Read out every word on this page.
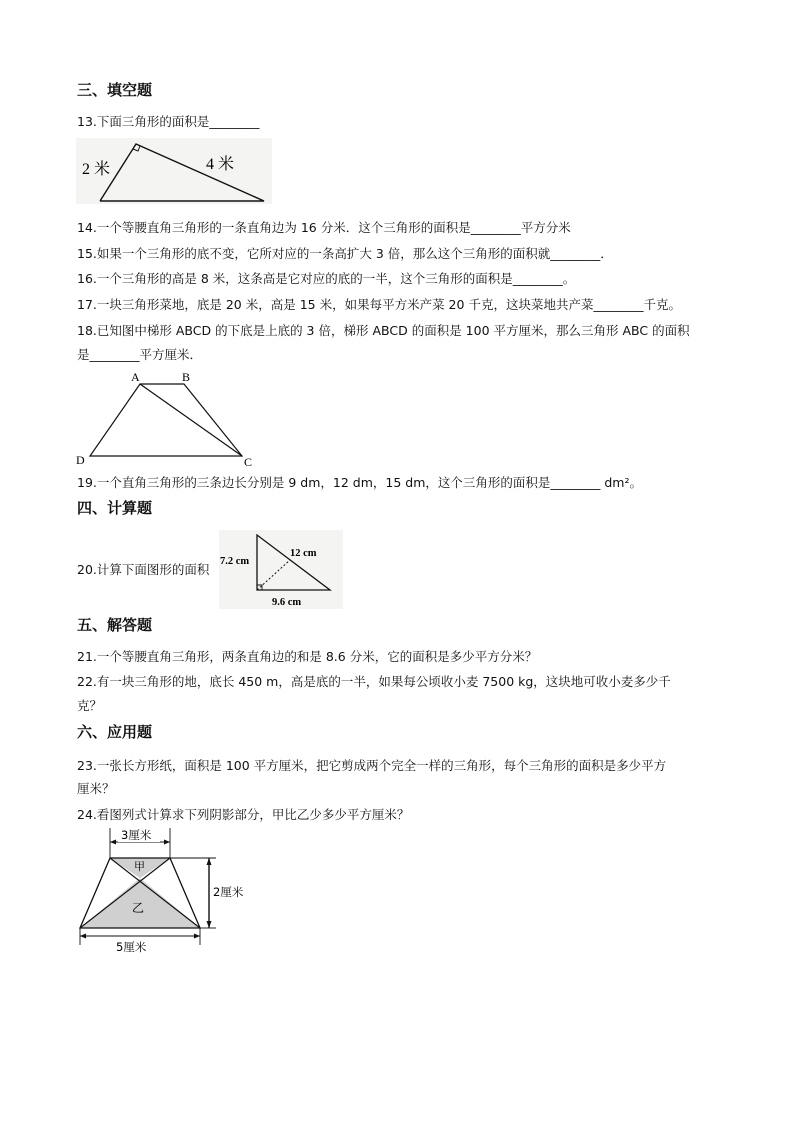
三、填空题
13.下面三角形的面积是________
2 米	4 米
14.一个等腰直角三角形的一条直角边为 16 分米．这个三角形的面积是________平方分米
15.如果一个三角形的底不变，它所对应的一条高扩大 3 倍，那么这个三角形的面积就________．
16.一个三角形的高是 8 米，这条高是它对应的底的一半，这个三角形的面积是________。
17.一块三角形菜地，底是 20 米，高是 15 米，如果每平方米产菜 20 千克，这块菜地共产菜________千克。
18.已知图中梯形 ABCD 的下底是上底的 3 倍，梯形 ABCD 的面积是 100 平方厘米，那么三角形 ABC 的面积
是________平方厘米．
A	B
C
D
19.一个直角三角形的三条边长分别是 9 dm，12 dm，15 dm，这个三角形的面积是________ dm²。
四、计算题
20.计算下面图形的面积
7.2 cm
12 cm
9.6 cm
五、解答题
21.一个等腰直角三角形，两条直角边的和是 8.6 分米，它的面积是多少平方分米？
22.有一块三角形的地，底长 450 m，高是底的一半，如果每公顷收小麦 7500 kg，这块地可收小麦多少千
克？
六、应用题
23.一张长方形纸，面积是 100 平方厘米，把它剪成两个完全一样的三角形，每个三角形的面积是多少平方
厘米？
24.看图列式计算求下列阴影部分，甲比乙少多少平方厘米？
3厘米
2厘米
5厘米
甲
乙
